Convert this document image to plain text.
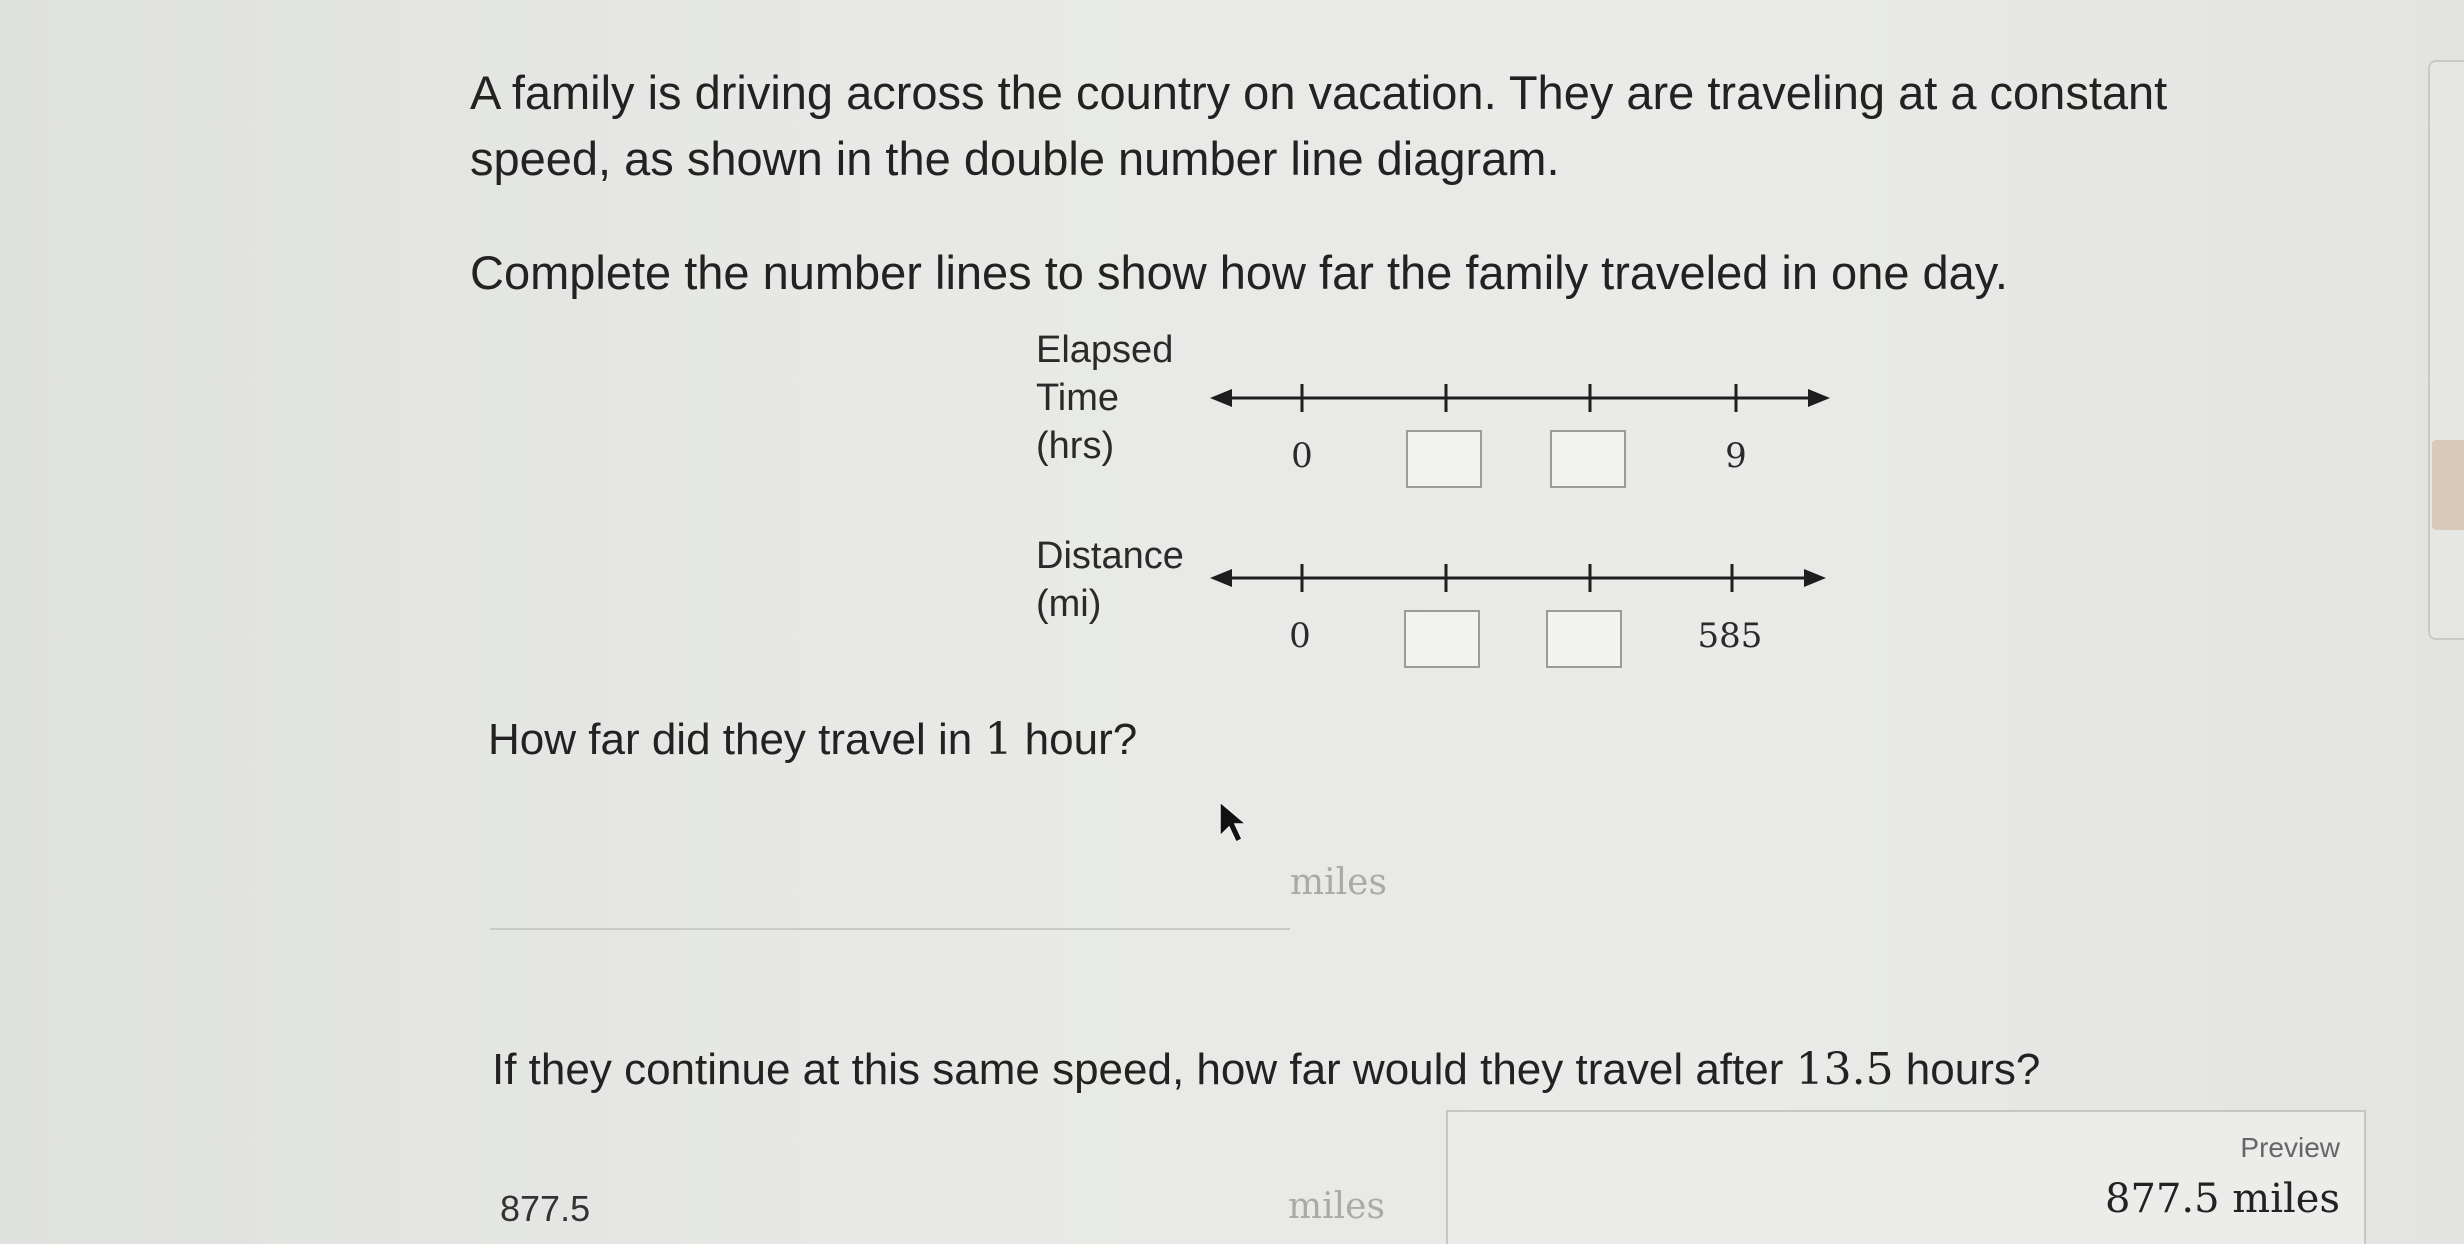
A family is driving across the country on vacation. They are traveling at a constant speed, as shown in the double number line diagram.
Complete the number lines to show how far the family traveled in one day.
Elapsed
Time
(hrs)	0	9
Distance
(mi)
0	585
How far did they travel in 1 hour?
miles
If they continue at this same speed, how far would they travel after 13.5 hours?
877.5
miles
Preview
877.5 miles
